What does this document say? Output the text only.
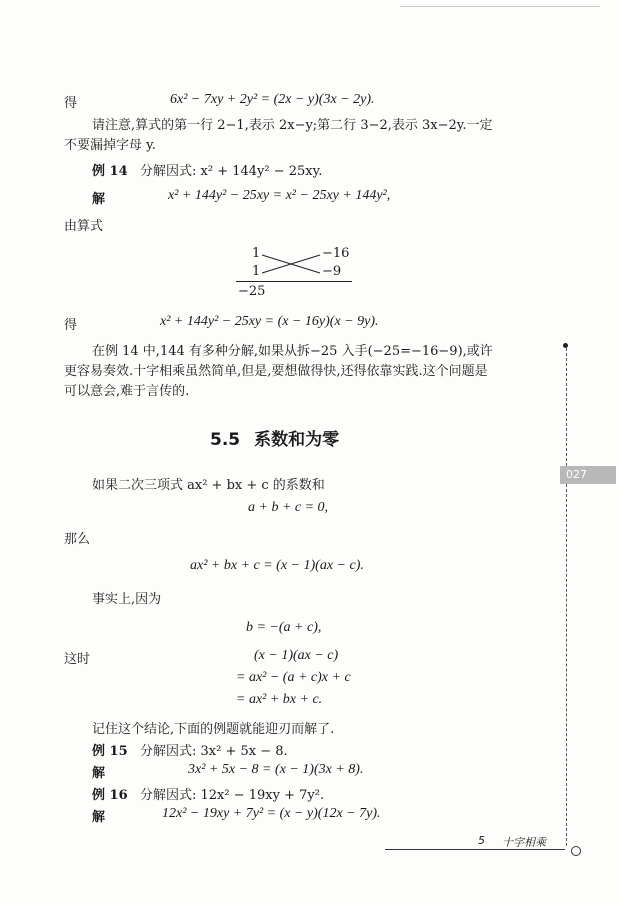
得	6x² − 7xy + 2y² = (2x − y)(3x − 2y).
请注意,算式的第一行 2−1,表示 2x−y;第二行 3−2,表示 3x−2y.一定不要漏掉字母 y.
例 14 分解因式: x² + 144y² − 25xy.
解	x² + 144y² − 25xy = x² − 25xy + 144y²,
由算式
1	−16
1	−9
−25
得	x² + 144y² − 25xy = (x − 16y)(x − 9y).
在例 14 中,144 有多种分解,如果从拆−25 入手(−25=−16−9),或许更容易奏效.十字相乘虽然简单,但是,要想做得快,还得依靠实践.这个问题是可以意会,难于言传的.
5.5 系数和为零
如果二次三项式 ax² + bx + c 的系数和
a + b + c = 0,
那么
ax² + bx + c = (x − 1)(ax − c).
事实上,因为
b = −(a + c),
这时	(x − 1)(ax − c)
= ax² − (a + c)x + c
= ax² + bx + c.
记住这个结论,下面的例题就能迎刃而解了.
例 15 分解因式: 3x² + 5x − 8.
解	3x² + 5x − 8 = (x − 1)(3x + 8).
例 16 分解因式: 12x² − 19xy + 7y².
解	12x² − 19xy + 7y² = (x − y)(12x − 7y).
027
5 十字相乘
